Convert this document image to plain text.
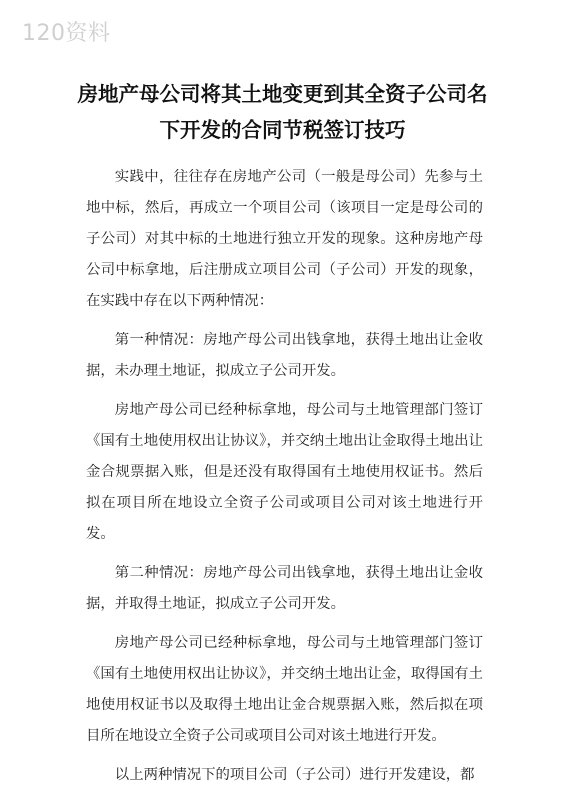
120资料
房地产母公司将其土地变更到其全资子公司名下开发的合同节税签订技巧

实践中，往往存在房地产公司（一般是母公司）先参与土地中标，然后，再成立一个项目公司（该项目一定是母公司的子公司）对其中标的土地进行独立开发的现象。这种房地产母公司中标拿地，后注册成立项目公司（子公司）开发的现象，在实践中存在以下两种情况：

第一种情况：房地产母公司出钱拿地，获得土地出让金收据，未办理土地证，拟成立子公司开发。

房地产母公司已经种标拿地，母公司与土地管理部门签订《国有土地使用权出让协议》，并交纳土地出让金取得土地出让金合规票据入账，但是还没有取得国有土地使用权证书。然后拟在项目所在地设立全资子公司或项目公司对该土地进行开发。

第二种情况：房地产母公司出钱拿地，获得土地出让金收据，并取得土地证，拟成立子公司开发。

房地产母公司已经种标拿地，母公司与土地管理部门签订《国有土地使用权出让协议》，并交纳土地出让金，取得国有土地使用权证书以及取得土地出让金合规票据入账，然后拟在项目所在地设立全资子公司或项目公司对该土地进行开发。

以上两种情况下的项目公司（子公司）进行开发建设，都
